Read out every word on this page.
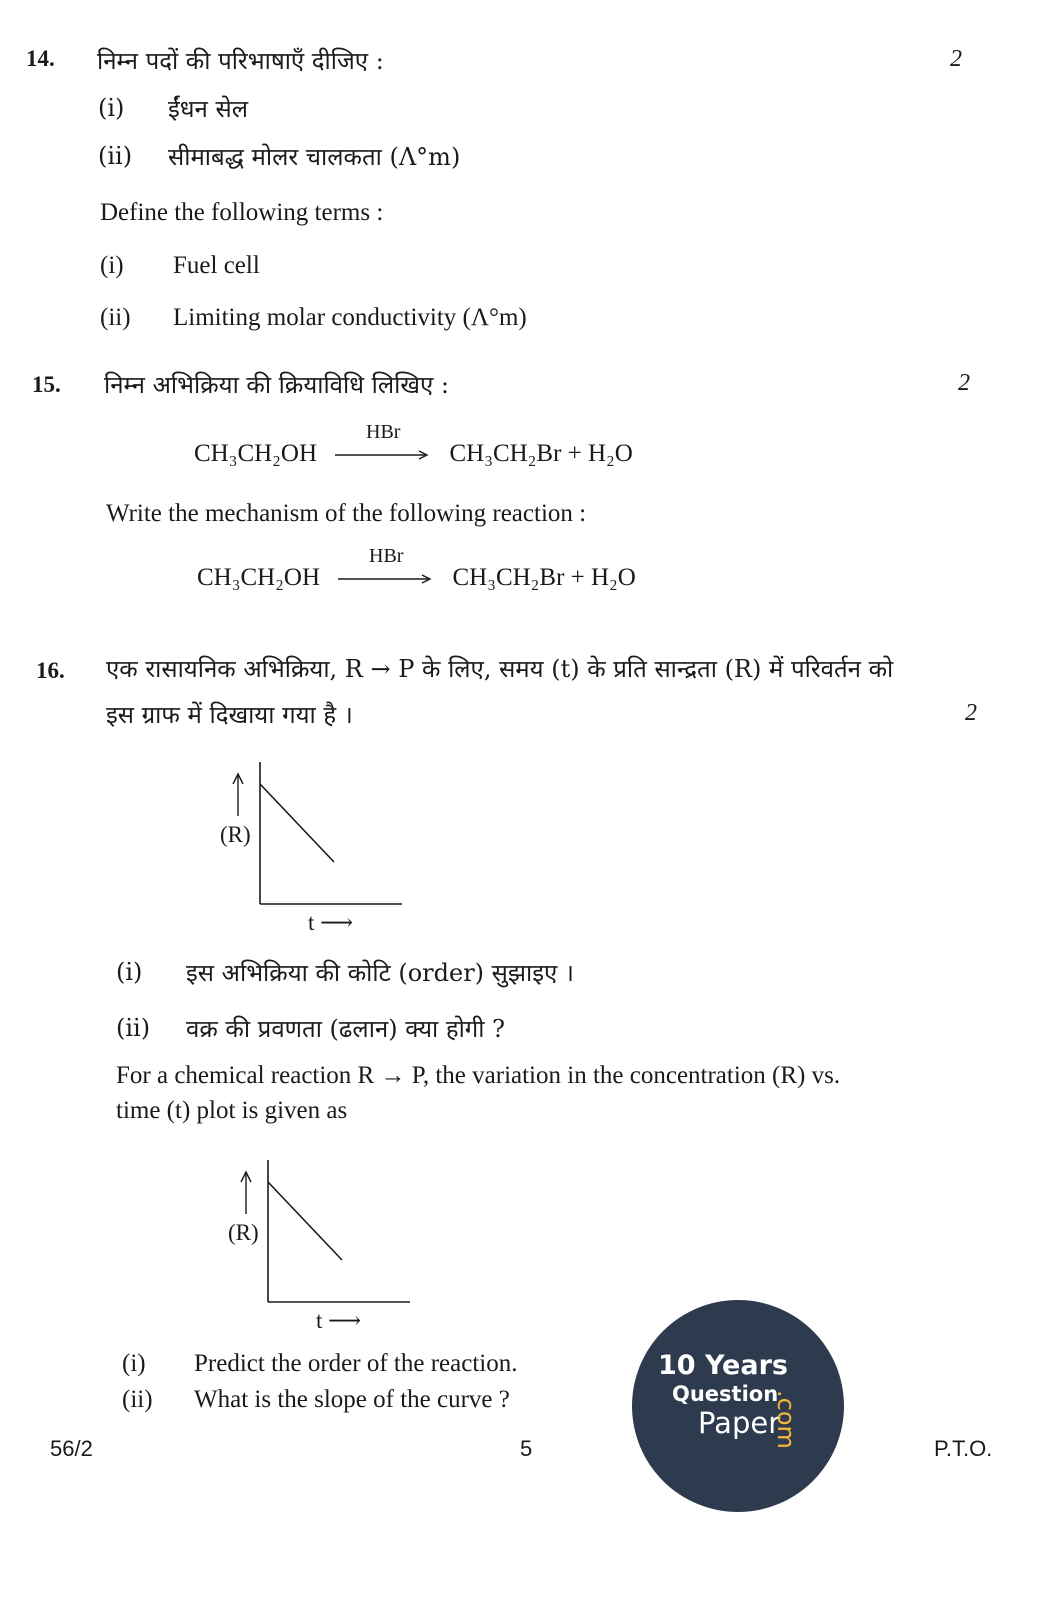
14. निम्न पदों की परिभाषाएँ दीजिए :	2
(i) ईंधन सेल
(ii) सीमाबद्ध मोलर चालकता (Λ°m)
Define the following terms :
(i) Fuel cell
(ii) Limiting molar conductivity (Λ°m)
15. निम्न अभिक्रिया की क्रियाविधि लिखिए :	2
CH₃CH₂OH
HBr
CH₃CH₂Br + H₂O
Write the mechanism of the following reaction :
CH₃CH₂OH
HBr
CH₃CH₂Br + H₂O
16. एक रासायनिक अभिक्रिया, R → P के लिए, समय (t) के प्रति सान्द्रता (R) में परिवर्तन को
इस ग्राफ में दिखाया गया है ।	2
(R)
t ⟶
(i) इस अभिक्रिया की कोटि (order) सुझाइए ।
(ii) वक्र की प्रवणता (ढलान) क्या होगी ?
For a chemical reaction R → P, the variation in the concentration (R) vs.
time (t) plot is given as
(R)
t ⟶
(i) Predict the order of the reaction.
(ii) What is the slope of the curve ?
56/2	5	P.T.O.
10 Years
Question
Paper
.com
